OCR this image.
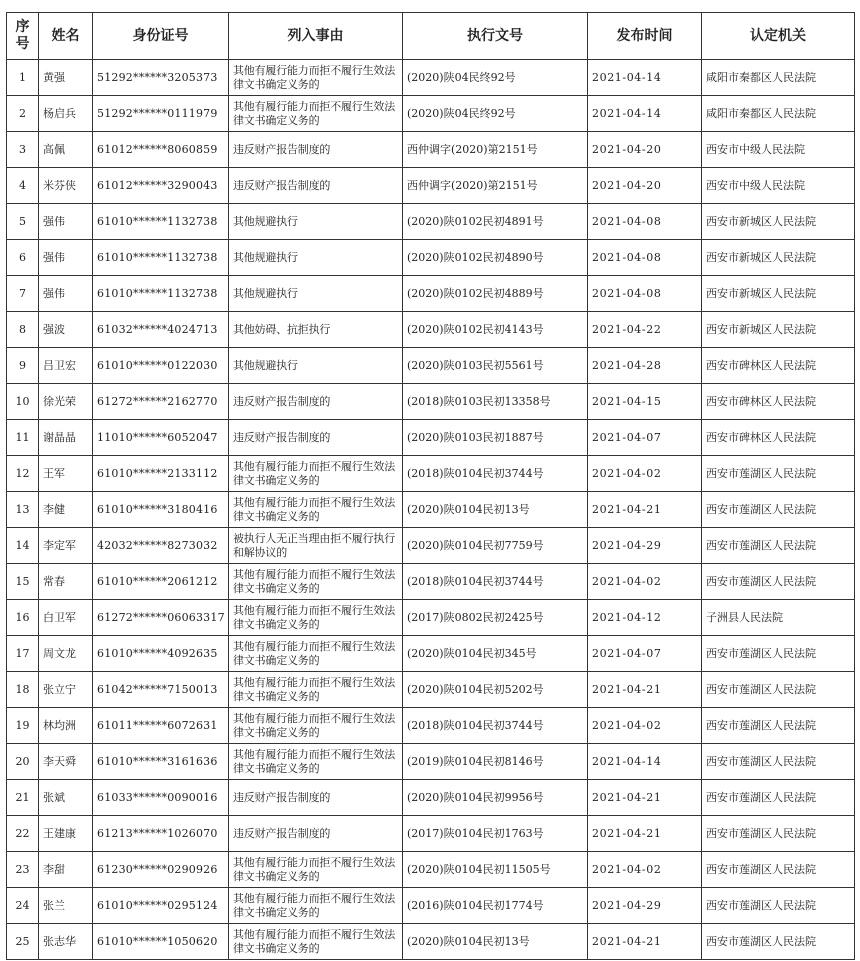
序号	姓名	身份证号	列入事由	执行文号	发布时间	认定机关
1	黄强	51292******3205373	其他有履行能力而拒不履行生效法律文书确定义务的	(2020)陕04民终92号	2021-04-14	咸阳市秦都区人民法院
2	杨启兵	51292******0111979	其他有履行能力而拒不履行生效法律文书确定义务的	(2020)陕04民终92号	2021-04-14	咸阳市秦都区人民法院
3	高佩	61012******8060859	违反财产报告制度的	西仲调字(2020)第2151号	2021-04-20	西安市中级人民法院
4	米芬侠	61012******3290043	违反财产报告制度的	西仲调字(2020)第2151号	2021-04-20	西安市中级人民法院
5	强伟	61010******1132738	其他规避执行	(2020)陕0102民初4891号	2021-04-08	西安市新城区人民法院
6	强伟	61010******1132738	其他规避执行	(2020)陕0102民初4890号	2021-04-08	西安市新城区人民法院
7	强伟	61010******1132738	其他规避执行	(2020)陕0102民初4889号	2021-04-08	西安市新城区人民法院
8	强波	61032******4024713	其他妨碍、抗拒执行	(2020)陕0102民初4143号	2021-04-22	西安市新城区人民法院
9	吕卫宏	61010******0122030	其他规避执行	(2020)陕0103民初5561号	2021-04-28	西安市碑林区人民法院
10	徐光荣	61272******2162770	违反财产报告制度的	(2018)陕0103民初13358号	2021-04-15	西安市碑林区人民法院
11	谢晶晶	11010******6052047	违反财产报告制度的	(2020)陕0103民初1887号	2021-04-07	西安市碑林区人民法院
12	王军	61010******2133112	其他有履行能力而拒不履行生效法律文书确定义务的	(2018)陕0104民初3744号	2021-04-02	西安市莲湖区人民法院
13	李健	61010******3180416	其他有履行能力而拒不履行生效法律文书确定义务的	(2020)陕0104民初13号	2021-04-21	西安市莲湖区人民法院
14	李定军	42032******8273032	被执行人无正当理由拒不履行执行和解协议的	(2020)陕0104民初7759号	2021-04-29	西安市莲湖区人民法院
15	常春	61010******2061212	其他有履行能力而拒不履行生效法律文书确定义务的	(2018)陕0104民初3744号	2021-04-02	西安市莲湖区人民法院
16	白卫军	61272******06063317	其他有履行能力而拒不履行生效法律文书确定义务的	(2017)陕0802民初2425号	2021-04-12	子洲县人民法院
17	周文龙	61010******4092635	其他有履行能力而拒不履行生效法律文书确定义务的	(2020)陕0104民初345号	2021-04-07	西安市莲湖区人民法院
18	张立宁	61042******7150013	其他有履行能力而拒不履行生效法律文书确定义务的	(2020)陕0104民初5202号	2021-04-21	西安市莲湖区人民法院
19	林均洲	61011******6072631	其他有履行能力而拒不履行生效法律文书确定义务的	(2018)陕0104民初3744号	2021-04-02	西安市莲湖区人民法院
20	李天舜	61010******3161636	其他有履行能力而拒不履行生效法律文书确定义务的	(2019)陕0104民初8146号	2021-04-14	西安市莲湖区人民法院
21	张斌	61033******0090016	违反财产报告制度的	(2020)陕0104民初9956号	2021-04-21	西安市莲湖区人民法院
22	王建康	61213******1026070	违反财产报告制度的	(2017)陕0104民初1763号	2021-04-21	西安市莲湖区人民法院
23	李甜	61230******0290926	其他有履行能力而拒不履行生效法律文书确定义务的	(2020)陕0104民初11505号	2021-04-02	西安市莲湖区人民法院
24	张兰	61010******0295124	其他有履行能力而拒不履行生效法律文书确定义务的	(2016)陕0104民初1774号	2021-04-29	西安市莲湖区人民法院
25	张志华	61010******1050620	其他有履行能力而拒不履行生效法律文书确定义务的	(2020)陕0104民初13号	2021-04-21	西安市莲湖区人民法院
